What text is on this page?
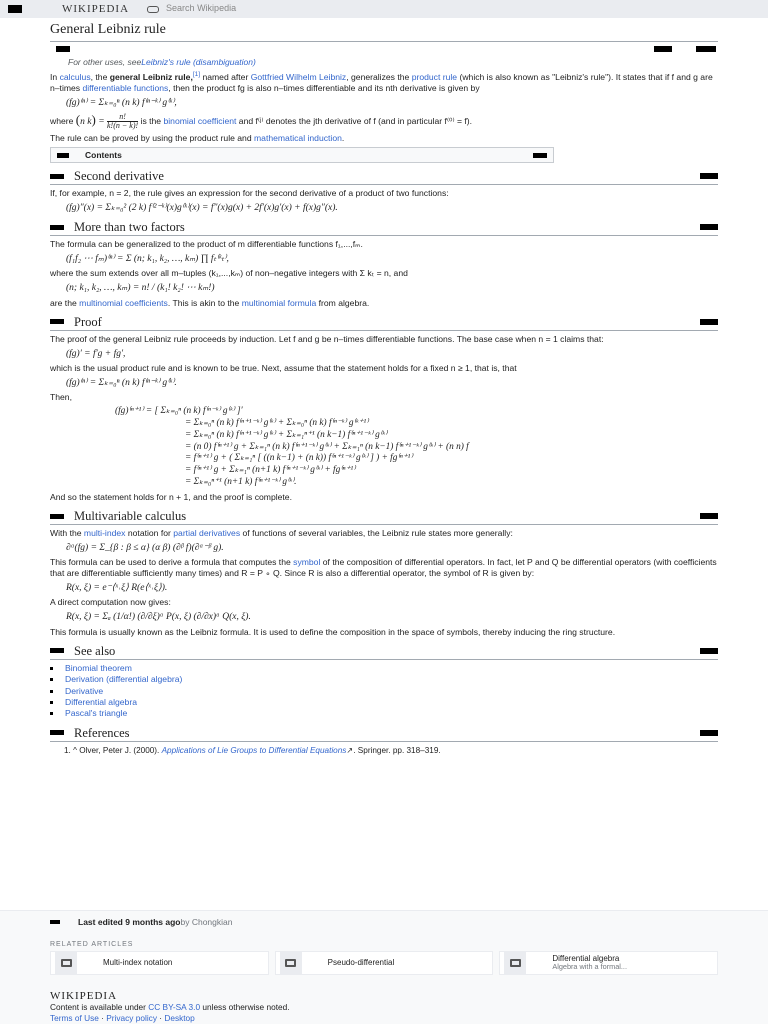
WIKIPEDIA	Search Wikipedia
General Leibniz rule
For other uses, seeLeibniz's rule (disambiguation)

In calculus, the general Leibniz rule,[1] named after Gottfried Wilhelm Leibniz, generalizes the product rule (which is also known as "Leibniz's rule"). It states that if f and g are n–times differentiable functions, then the product fg is also n–times differentiable and its nth derivative is given by

(fg)⁽ⁿ⁾ = Σₖ₌₀ⁿ (n k) f⁽ⁿ⁻ᵏ⁾ g⁽ᵏ⁾,

where (n $k) = \frac{n!}{k!(n - k)!}$ is the binomial coefficient and f⁽ʲ⁾ denotes the jth derivative of f (and in particular f⁽⁰⁾ = f).

The rule can be proved by using the product rule and mathematical induction.

Contents
Second derivative

If, for example, n = 2, the rule gives an expression for the second derivative of a product of two functions:

(fg)″(x) = Σₖ₌₀² (2 k) f⁽²⁻ᵏ⁾(x)g⁽ᵏ⁾(x) = f″(x)g(x) + 2f′(x)g′(x) + f(x)g″(x).
More than two factors

The formula can be generalized to the product of m differentiable functions f₁,...,fₘ.

(f₁f₂ ⋯ fₘ)⁽ⁿ⁾ = Σ (n; k₁, k₂, …, kₘ) ∏ fₜ⁽ᵏₜ⁾,

where the sum extends over all m–tuples (k₁,...,kₘ) of non–negative integers with Σ kₜ = n, and

(n; k₁, k₂, …, kₘ) = n! / (k₁! k₂! ⋯ kₘ!)

are the multinomial coefficients. This is akin to the multinomial formula from algebra.

Proof

The proof of the general Leibniz rule proceeds by induction. Let f and g be n–times differentiable functions. The base case when n = 1 claims that:

(fg)′ = f′g + fg′,

which is the usual product rule and is known to be true. Next, assume that the statement holds for a fixed n ≥ 1, that is, that

(fg)⁽ⁿ⁾ = Σₖ₌₀ⁿ (n k) f⁽ⁿ⁻ᵏ⁾ g⁽ᵏ⁾.

Then,

(fg)⁽ⁿ⁺¹⁾ = [ Σₖ₌₀ⁿ (n k) f⁽ⁿ⁻ᵏ⁾ g⁽ᵏ⁾ ]′
= Σₖ₌₀ⁿ (n k) f⁽ⁿ⁺¹⁻ᵏ⁾ g⁽ᵏ⁾ + Σₖ₌₀ⁿ (n k) f⁽ⁿ⁻ᵏ⁾ g⁽ᵏ⁺¹⁾
= Σₖ₌₀ⁿ (n k) f⁽ⁿ⁺¹⁻ᵏ⁾ g⁽ᵏ⁾ + Σₖ₌₁ⁿ⁺¹ (n k−1) f⁽ⁿ⁺¹⁻ᵏ⁾ g⁽ᵏ⁾
= (n 0) f⁽ⁿ⁺¹⁾ g + Σₖ₌₁ⁿ (n k) f⁽ⁿ⁺¹⁻ᵏ⁾ g⁽ᵏ⁾ + Σₖ₌₁ⁿ (n k−1) f⁽ⁿ⁺¹⁻ᵏ⁾ g⁽ᵏ⁾ + (n n) f
= f⁽ⁿ⁺¹⁾ g + ( Σₖ₌₁ⁿ [ ((n k−1) + (n k)) f⁽ⁿ⁺¹⁻ᵏ⁾ g⁽ᵏ⁾ ] ) + fg⁽ⁿ⁺¹⁾
= f⁽ⁿ⁺¹⁾ g + Σₖ₌₁ⁿ (n+1 k) f⁽ⁿ⁺¹⁻ᵏ⁾ g⁽ᵏ⁾ + fg⁽ⁿ⁺¹⁾
= Σₖ₌₀ⁿ⁺¹ (n+1 k) f⁽ⁿ⁺¹⁻ᵏ⁾ g⁽ᵏ⁾.

And so the statement holds for n + 1, and the proof is complete.

Multivariable calculus

With the multi-index notation for partial derivatives of functions of several variables, the Leibniz rule states more generally:

∂ᵅ(fg) = Σ_{β : β ≤ α} (α β) (∂ᵝ f)(∂ᵅ⁻ᵝ g).

This formula can be used to derive a formula that computes the symbol of the composition of differential operators. In fact, let P and Q be differential operators (with coefficients that are differentiable sufficiently many times) and R = P ∘ Q. Since R is also a differential operator, the symbol of R is given by:

R(x, ξ) = e⁻⟨ˣ˒ξ⟩ R(e⟨ˣ˒ξ⟩).

A direct computation now gives:

R(x, ξ) = Σₐ (1/α!) (∂/∂ξ)ᵅ P(x, ξ) (∂/∂x)ᵅ Q(x, ξ).

This formula is usually known as the Leibniz formula. It is used to define the composition in the space of symbols, thereby inducing the ring structure.

See also
Binomial theorem
Derivation (differential algebra)
Derivative
Differential algebra
Pascal's triangle
References
1. ^ Olver, Peter J. (2000). Applications of Lie Groups to Differential Equations↗. Springer. pp. 318–319.
Last edited 9 months ago by Chongkian
RELATED ARTICLES
Multi-index notation	Pseudo-differential	Differential algebra
Algebra with a formal...
WIKIPEDIA
Content is available under CC BY-SA 3.0 unless otherwise noted.
Terms of Use · Privacy policy · Desktop
